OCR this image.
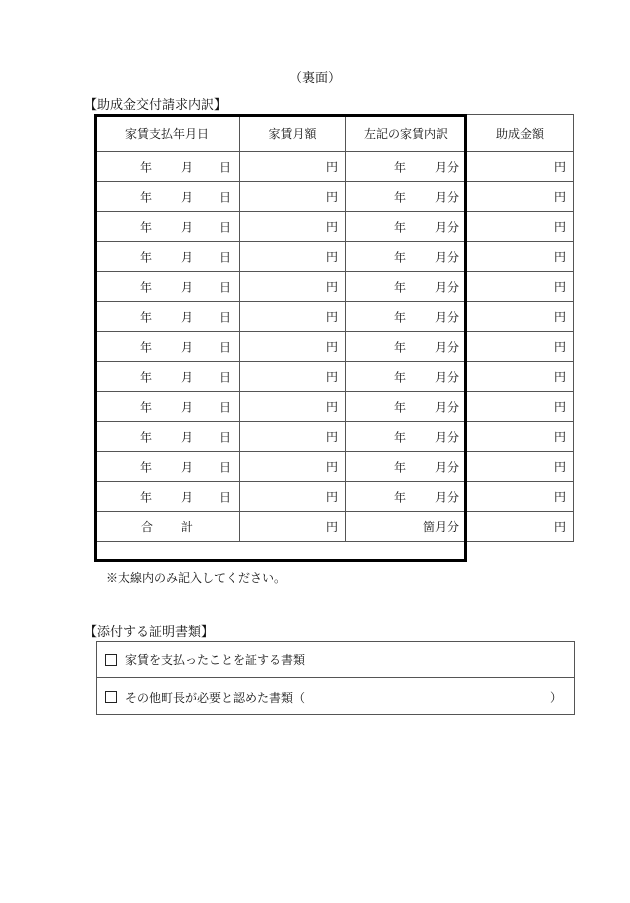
（裏面）
【助成金交付請求内訳】
家賃支払年月日	家賃月額	左記の家賃内訳	助成金額

年 月 日	円	年 月分	円

年 月 日	円	年 月分	円

年 月 日	円	年 月分	円

年 月 日	円	年 月分	円

年 月 日	円	年 月分	円

年 月 日	円	年 月分	円

年 月 日	円	年 月分	円

年 月 日	円	年 月分	円

年 月 日	円	年 月分	円

年 月 日	円	年 月分	円

年 月 日	円	年 月分	円

年 月 日	円	年 月分	円
合 計	円	箇月分	円
※太線内のみ記入してください。
【添付する証明書類】
家賃を支払ったことを証する書類
その他町長が必要と認めた書類（	）
